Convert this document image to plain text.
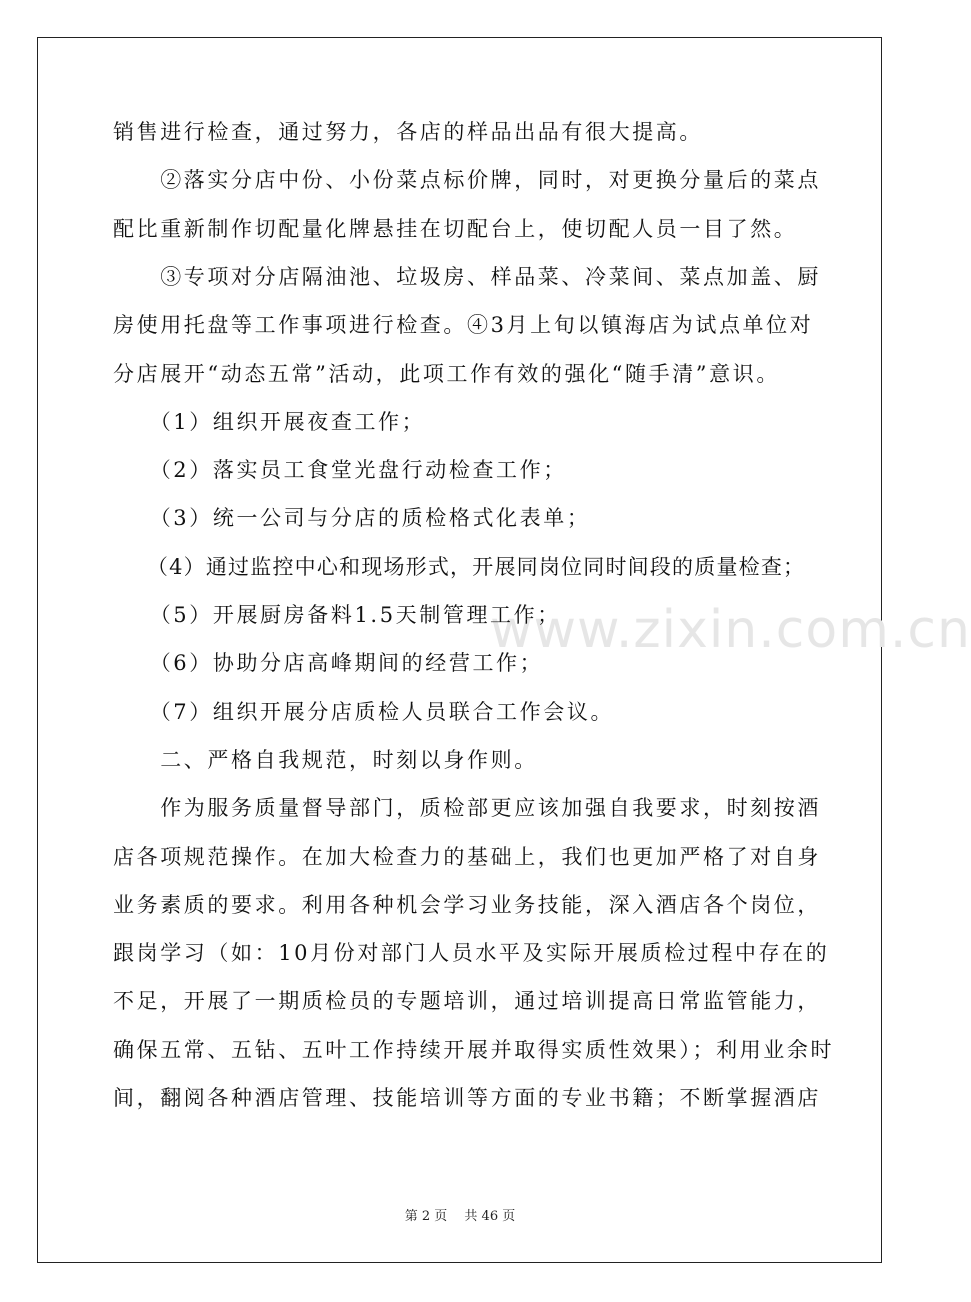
www.zixin.com.cn
销售进行检查，通过努力，各店的样品出品有很大提高。
　　②落实分店中份、小份菜点标价牌，同时，对更换分量后的菜点
配比重新制作切配量化牌悬挂在切配台上，使切配人员一目了然。
　　③专项对分店隔油池、垃圾房、样品菜、冷菜间、菜点加盖、厨
房使用托盘等工作事项进行检查。④3月上旬以镇海店为试点单位对
分店展开“动态五常”活动，此项工作有效的强化“随手清”意识。
　　（1）组织开展夜查工作；
　　（2）落实员工食堂光盘行动检查工作；
　　（3）统一公司与分店的质检格式化表单；
　　（4）通过监控中心和现场形式，开展同岗位同时间段的质量检查；
　　（5）开展厨房备料1.5天制管理工作；
　　（6）协助分店高峰期间的经营工作；
　　（7）组织开展分店质检人员联合工作会议。
　　二、严格自我规范，时刻以身作则。
　　作为服务质量督导部门，质检部更应该加强自我要求，时刻按酒
店各项规范操作。在加大检查力的基础上，我们也更加严格了对自身
业务素质的要求。利用各种机会学习业务技能，深入酒店各个岗位，
跟岗学习（如：10月份对部门人员水平及实际开展质检过程中存在的
不足，开展了一期质检员的专题培训，通过培训提高日常监管能力，
确保五常、五钻、五叶工作持续开展并取得实质性效果）；利用业余时
间，翻阅各种酒店管理、技能培训等方面的专业书籍；不断掌握酒店
第 2 页　 共 46 页
